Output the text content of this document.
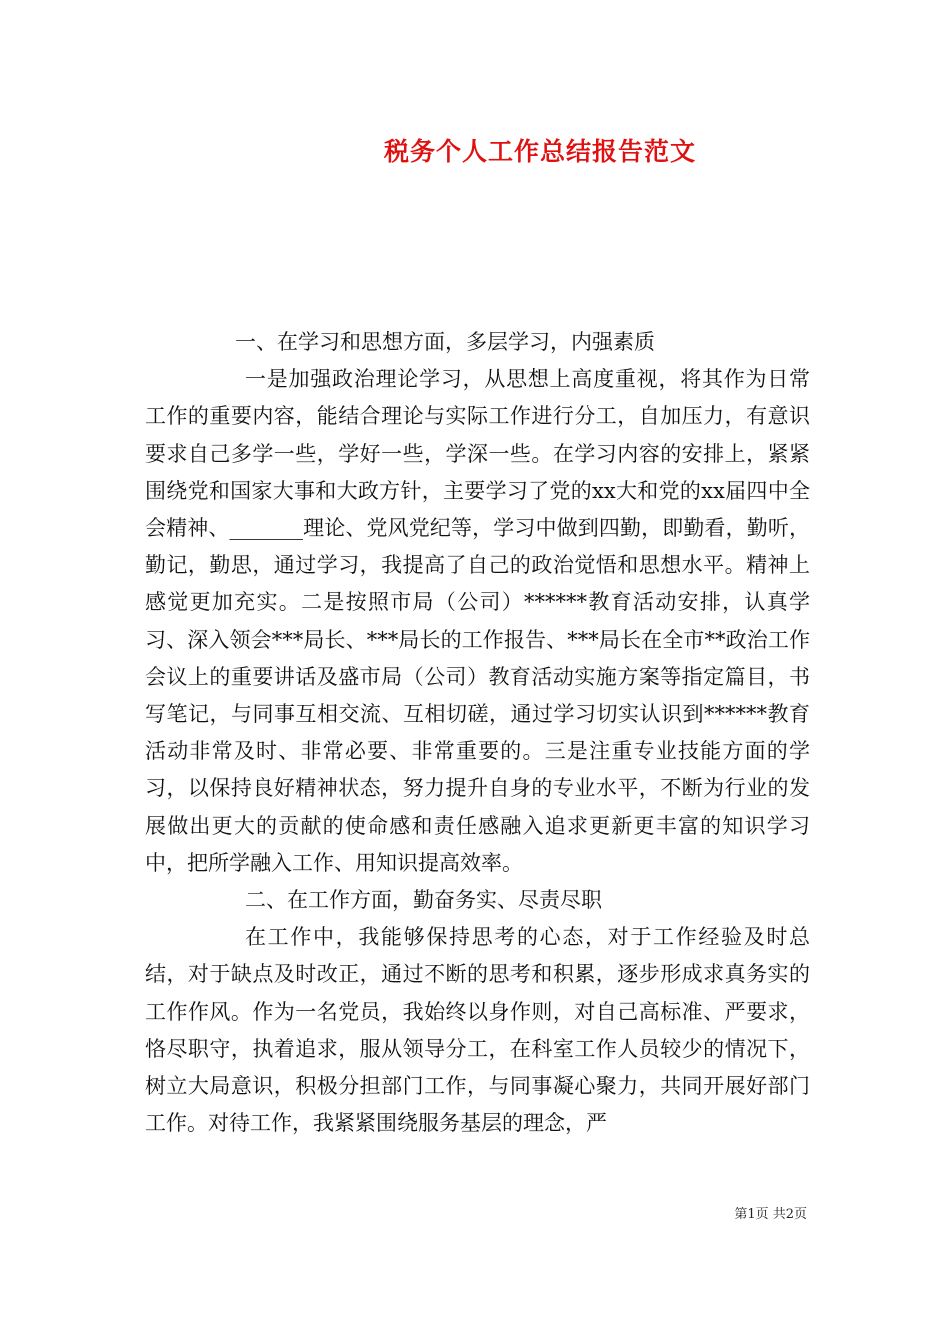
税务个人工作总结报告范文

一、在学习和思想方面，多层学习，内强素质

一是加强政治理论学习，从思想上高度重视，将其作为日常工作的重要内容，能结合理论与实际工作进行分工，自加压力，有意识要求自己多学一些，学好一些，学深一些。在学习内容的安排上，紧紧围绕党和国家大事和大政方针，主要学习了党的xx大和党的xx届四中全会精神、_______理论、党风党纪等，学习中做到四勤，即勤看，勤听，勤记，勤思，通过学习，我提高了自己的政治觉悟和思想水平。精神上感觉更加充实。二是按照市局（公司）******教育活动安排，认真学习、深入领会***局长、***局长的工作报告、***局长在全市**政治工作会议上的重要讲话及盛市局（公司）教育活动实施方案等指定篇目，书写笔记，与同事互相交流、互相切磋，通过学习切实认识到******教育活动非常及时、非常必要、非常重要的。三是注重专业技能方面的学习，以保持良好精神状态，努力提升自身的专业水平，不断为行业的发展做出更大的贡献的使命感和责任感融入追求更新更丰富的知识学习中，把所学融入工作、用知识提高效率。

二、在工作方面，勤奋务实、尽责尽职

在工作中，我能够保持思考的心态，对于工作经验及时总结，对于缺点及时改正，通过不断的思考和积累，逐步形成求真务实的工作作风。作为一名党员，我始终以身作则，对自己高标准、严要求，恪尽职守，执着追求，服从领导分工，在科室工作人员较少的情况下，树立大局意识，积极分担部门工作，与同事凝心聚力，共同开展好部门工作。对待工作，我紧紧围绕服务基层的理念，严

第1页 共2页
